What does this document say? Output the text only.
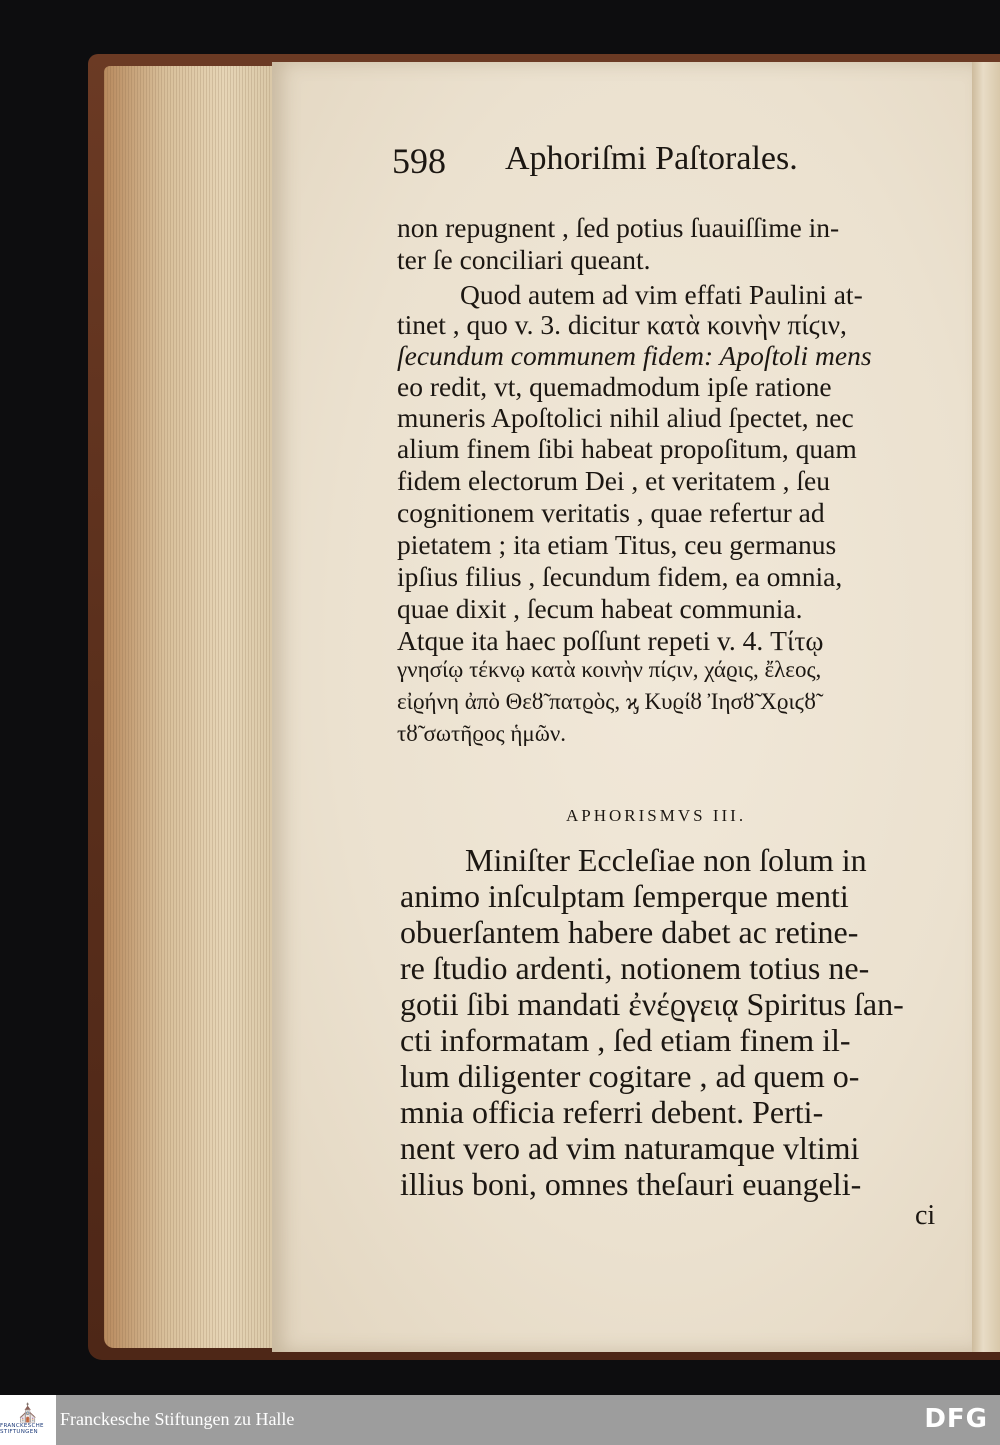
598 Aphoriſmi Paſtorales.
non repugnent , ſed potius ſuauiſſime in-
ter ſe conciliari queant.
Quod autem ad vim effati Paulini at-
tinet , quo v. 3. dicitur κατὰ κοινὴν πίϛιν,
ſecundum communem fidem: Apoſtoli mens
eo redit, vt, quemadmodum ipſe ratione
muneris Apoſtolici nihil aliud ſpectet, nec
alium finem ſibi habeat propoſitum, quam
fidem electorum Dei , et veritatem , ſeu
cognitionem veritatis , quae refertur ad
pietatem ; ita etiam Titus, ceu germanus
ipſius filius , ſecundum fidem, ea omnia,
quae dixit , ſecum habeat communia.
Atque ita haec poſſunt repeti v. 4. Τίτῳ
γνησίῳ τέκνῳ κατὰ κοινὴν πίϛιν, χάϱις, ἔλεος,
εἰϱήνη ἀπὸ Θεȣ̃ πατϱὸς, ϗ Κυϱίȣ Ἰησȣ̃ Χϱιϛȣ̃
τȣ̃ σωτῆϱος ἡμῶν.
APHORISMVS III.
Miniſter Eccleſiae non ſolum in
animo inſculptam ſemperque menti
obuerſantem habere dabet ac retine-
re ſtudio ardenti, notionem totius ne-
gotii ſibi mandati ἐνέϱγειᾳ Spiritus ſan-
cti informatam , ſed etiam finem il-
lum diligenter cogitare , ad quem o-
mnia officia referri debent. Perti-
nent vero ad vim naturamque vltimi
illius boni, omnes theſauri euangeli-
ci
⛪
FRANCKESCHE STIFTUNGEN
Franckesche Stiftungen zu Halle	DFG
